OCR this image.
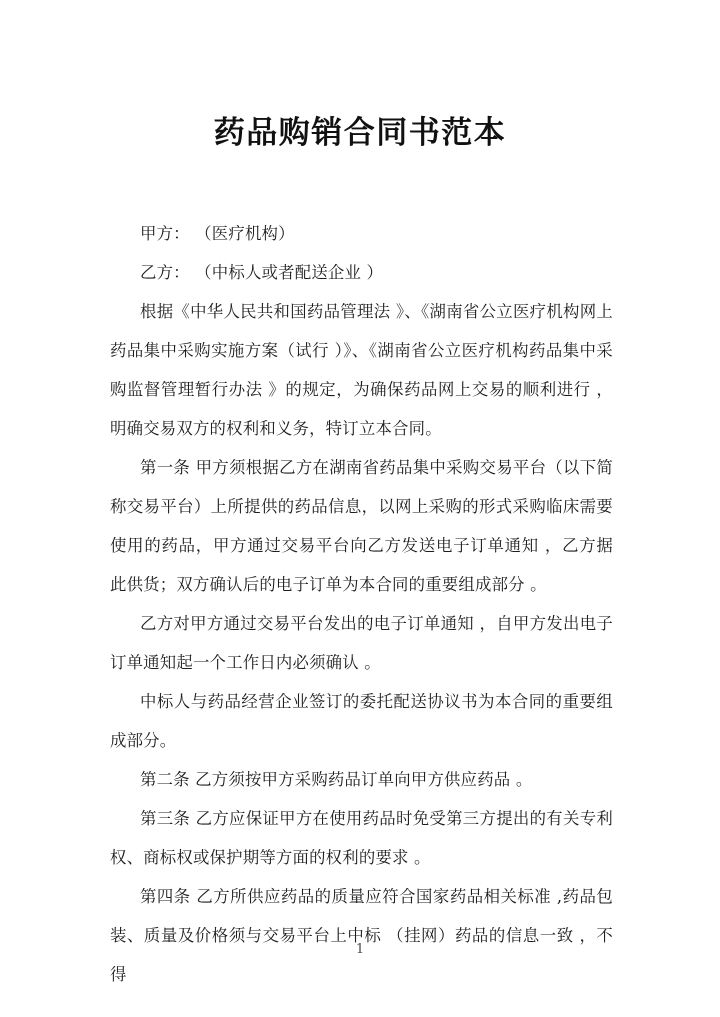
药品购销合同书范本

甲方： （医疗机构）

乙方： （中标人或者配送企业 ）

根据《中华人民共和国药品管理法 》、《湖南省公立医疗机构网上药品集中采购实施方案（试行 ）》、《湖南省公立医疗机构药品集中采购监督管理暂行办法 》的规定，为确保药品网上交易的顺利进行 ，明确交易双方的权利和义务，特订立本合同。

第一条 甲方须根据乙方在湖南省药品集中采购交易平台（以下简称交易平台）上所提供的药品信息，以网上采购的形式采购临床需要使用的药品，甲方通过交易平台向乙方发送电子订单通知 ，乙方据此供货；双方确认后的电子订单为本合同的重要组成部分 。

乙方对甲方通过交易平台发出的电子订单通知 ，自甲方发出电子订单通知起一个工作日内必须确认 。

中标人与药品经营企业签订的委托配送协议书为本合同的重要组成部分。

第二条 乙方须按甲方采购药品订单向甲方供应药品 。

第三条 乙方应保证甲方在使用药品时免受第三方提出的有关专利权、商标权或保护期等方面的权利的要求 。

第四条 乙方所供应药品的质量应符合国家药品相关标准 ,药品包装、质量及价格须与交易平台上中标 （挂网）药品的信息一致 ，不得

1
